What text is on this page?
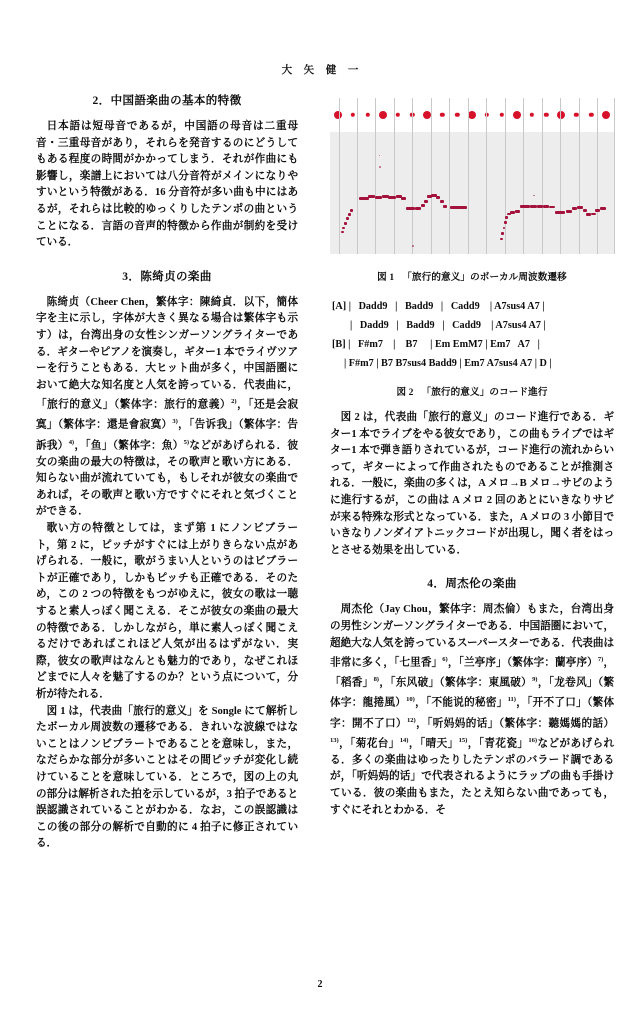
大 矢 健 一
2．中国語楽曲の基本的特徴

日本語は短母音であるが，中国語の母音は二重母音・三重母音があり，それらを発音するのにどうしてもある程度の時間がかかってしまう．それが作曲にも影響し，楽譜上においては八分音符がメインになりやすいという特徴がある．16 分音符が多い曲も中にはあるが，それらは比較的ゆっくりしたテンポの曲ということになる．言語の音声的特徴から作曲が制約を受けている．

3．陈绮贞の楽曲

陈绮贞（Cheer Chen，繁体字：陳綺貞．以下，簡体字を主に示し，字体が大きく異なる場合は繁体字も示す）は，台湾出身の女性シンガーソングライターである．ギターやピアノを演奏し，ギター1 本でライヴツアーを行うこともある．大ヒット曲が多く，中国語圏において絶大な知名度と人気を誇っている．代表曲に，「旅行的意义」（繁体字：旅行的意義）$^{2)}$，「还是会寂寞」（繁体字：還是會寂寞）$^{3)}$，「告诉我」（繁体字：告訴我）$^{4)}$，「鱼」（繁体字：魚）$^{5)}$などがあげられる．彼女の楽曲の最大の特徴は，その歌声と歌い方にある．知らない曲が流れていても，もしそれが彼女の楽曲であれば，その歌声と歌い方ですぐにそれと気づくことができる．

歌い方の特徴としては，まず第 1 にノンビブラート，第 2 に，ピッチがすぐには上がりきらない点があげられる．一般に，歌がうまい人というのはビブラートが正確であり，しかもピッチも正確である．そのため，この 2 つの特徴をもつがゆえに，彼女の歌は一聴すると素人っぽく聞こえる．そこが彼女の楽曲の最大の特徴である．しかしながら，単に素人っぽく聞こえるだけであればこれほど人気が出るはずがない．実際，彼女の歌声はなんとも魅力的であり，なぜこれほどまでに人々を魅了するのか？という点について，分析が待たれる．

図 1 は，代表曲「旅行的意义」を Songle にて解析したボーカル周波数の遷移である．きれいな波線ではないことはノンビブラートであることを意味し，また，なだらかな部分が多いことはその間ピッチが変化し続けていることを意味している．ところで，図の上の丸の部分は解析された拍を示しているが，3 拍子であると誤認識されていることがわかる．なお，この誤認識はこの後の部分の解析で自動的に 4 拍子に修正されている．

図 1 「旅行的意义」のボーカル周波数遷移
[A] |   Dadd9   |   Badd9   |   Cadd9    | A7sus4 A7 |
|   Dadd9   |   Badd9   |   Cadd9    | A7sus4 A7 |
[B] |   F#m7    |    B7     | Em EmM7 | Em7   A7   |
| F#m7 | B7 B7sus4 Badd9 | Em7 A7sus4 A7 | D |
図 2 「旅行的意义」のコード進行

図 2 は，代表曲「旅行的意义」のコード進行である．ギター1 本でライブをやる彼女であり，この曲もライブではギター1 本で弾き語りされているが，コード進行の流れからいって，ギターによって作曲されたものであることが推測される．一般に，楽曲の多くは，A メロ→B メロ→サビのように進行するが，この曲は A メロ 2 回のあとにいきなりサビが来る特殊な形式となっている．また，A メロの 3 小節目でいきなりノンダイアトニックコードが出現し，聞く者をはっとさせる効果を出している．

4．周杰伦の楽曲

周杰伦（Jay Chou，繁体字：周杰倫）もまた，台湾出身の男性シンガーソングライターである．中国語圏において，超絶大な人気を誇っているスーパースターである．代表曲は非常に多く，「七里香」$^{6)}$，「兰亭序」（繁体字：蘭亭序）$^{7)}$，「稻香」$^{8)}$，「东风破」（繁体字：東風破）$^{9)}$，「龙卷风」（繁体字：龍捲風）$^{10)}$，「不能说的秘密」$^{11)}$，「开不了口」（繁体字：開不了口）$^{12)}$，「听妈妈的话」（繁体字：聽媽媽的話）$^{13)}$，「菊花台」$^{14)}$，「晴天」$^{15)}$，「青花瓷」$^{16)}$などがあげられる．多くの楽曲はゆったりしたテンポのバラード調であるが，「听妈妈的话」で代表されるようにラップの曲も手掛けている．彼の楽曲もまた，たとえ知らない曲であっても，すぐにそれとわかる．そ

2
